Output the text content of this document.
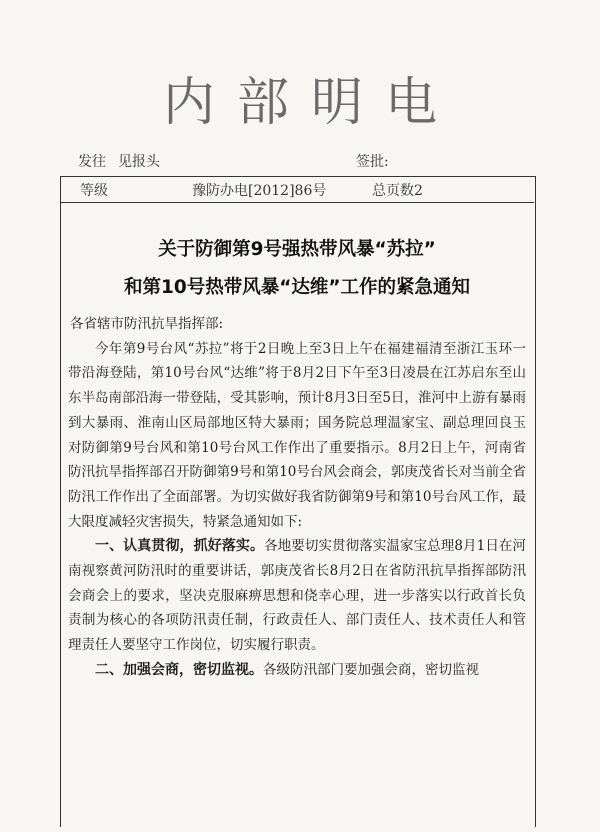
内部明电
发往 见报头	签批:
等级	豫防办电[2012]86号	总页数2
关于防御第9号强热带风暴“苏拉”
和第10号热带风暴“达维”工作的紧急通知

各省辖市防汛抗旱指挥部:

今年第9号台风“苏拉”将于2日晚上至3日上午在福建福清至浙江玉环一带沿海登陆，第10号台风“达维”将于8月2日下午至3日凌晨在江苏启东至山东半岛南部沿海一带登陆，受其影响，预计8月3日至5日，淮河中上游有暴雨到大暴雨、淮南山区局部地区特大暴雨；国务院总理温家宝、副总理回良玉对防御第9号台风和第10号台风工作作出了重要指示。8月2日上午，河南省防汛抗旱指挥部召开防御第9号和第10号台风会商会，郭庚茂省长对当前全省防汛工作作出了全面部署。为切实做好我省防御第9号和第10号台风工作，最大限度减轻灾害损失，特紧急通知如下:

一、认真贯彻，抓好落实。各地要切实贯彻落实温家宝总理8月1日在河南视察黄河防汛时的重要讲话，郭庚茂省长8月2日在省防汛抗旱指挥部防汛会商会上的要求，坚决克服麻痹思想和侥幸心理，进一步落实以行政首长负责制为核心的各项防汛责任制，行政责任人、部门责任人、技术责任人和管理责任人要坚守工作岗位，切实履行职责。

二、加强会商，密切监视。各级防汛部门要加强会商，密切监视
